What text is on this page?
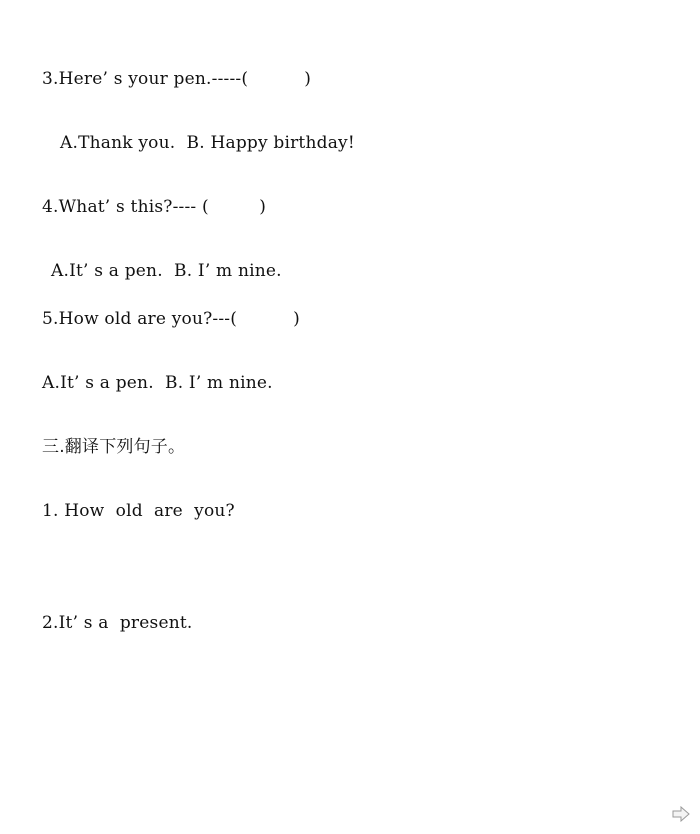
3.Here’ s your pen.-----(          )
A.Thank you.  B. Happy birthday!
4.What’ s this?---- (         )
A.It’ s a pen.  B. I’ m nine.
5.How old are you?---(          )
A.It’ s a pen.  B. I’ m nine.
三.翻译下列句子。
1. How  old  are  you?
2.It’ s a  present.
